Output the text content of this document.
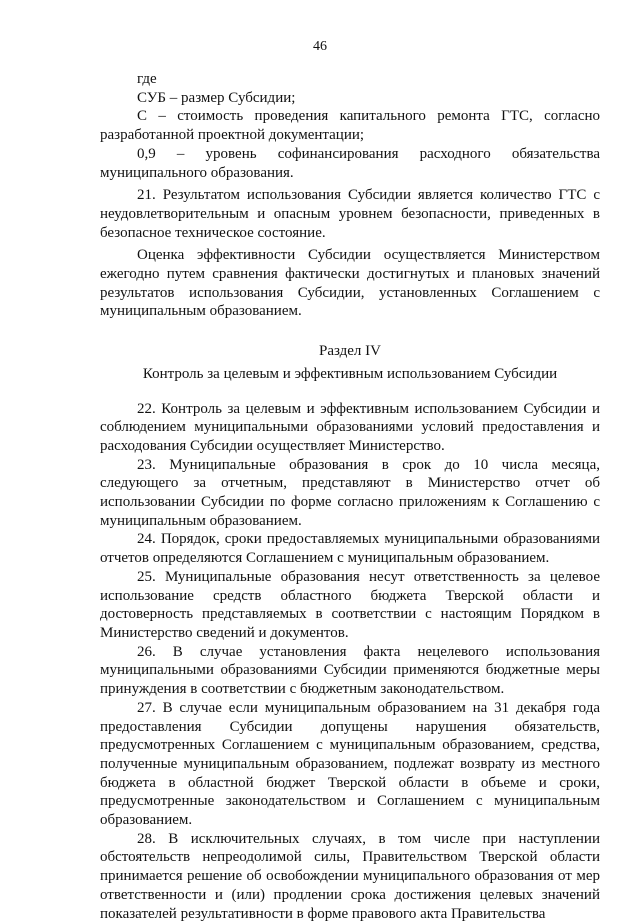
46

где

СУБ – размер Субсидии;

С – стоимость проведения капитального ремонта ГТС, согласно разработанной проектной документации;

0,9 – уровень софинансирования расходного обязательства муниципального образования.

21. Результатом использования Субсидии является количество ГТС с неудовлетворительным и опасным уровнем безопасности, приведенных в безопасное техническое состояние.

Оценка эффективности Субсидии осуществляется Министерством ежегодно путем сравнения фактически достигнутых и плановых значений результатов использования Субсидии, установленных Соглашением с муниципальным образованием.

Раздел IV

Контроль за целевым и эффективным использованием Субсидии

22. Контроль за целевым и эффективным использованием Субсидии и соблюдением муниципальными образованиями условий предоставления и расходования Субсидии осуществляет Министерство.

23. Муниципальные образования в срок до 10 числа месяца, следующего за отчетным, представляют в Министерство отчет об использовании Субсидии по форме согласно приложениям к Соглашению с муниципальным образованием.

24. Порядок, сроки предоставляемых муниципальными образованиями отчетов определяются Соглашением с муниципальным образованием.

25. Муниципальные образования несут ответственность за целевое использование средств областного бюджета Тверской области и достоверность представляемых в соответствии с настоящим Порядком в Министерство сведений и документов.

26. В случае установления факта нецелевого использования муниципальными образованиями Субсидии применяются бюджетные меры принуждения в соответствии с бюджетным законодательством.

27. В случае если муниципальным образованием на 31 декабря года предоставления Субсидии допущены нарушения обязательств, предусмотренных Соглашением с муниципальным образованием, средства, полученные муниципальным образованием, подлежат возврату из местного бюджета в областной бюджет Тверской области в объеме и сроки, предусмотренные законодательством и Соглашением с муниципальным образованием.

28. В исключительных случаях, в том числе при наступлении обстоятельств непреодолимой силы, Правительством Тверской области принимается решение об освобождении муниципального образования от мер ответственности и (или) продлении срока достижения целевых значений показателей результативности в форме правового акта Правительства
